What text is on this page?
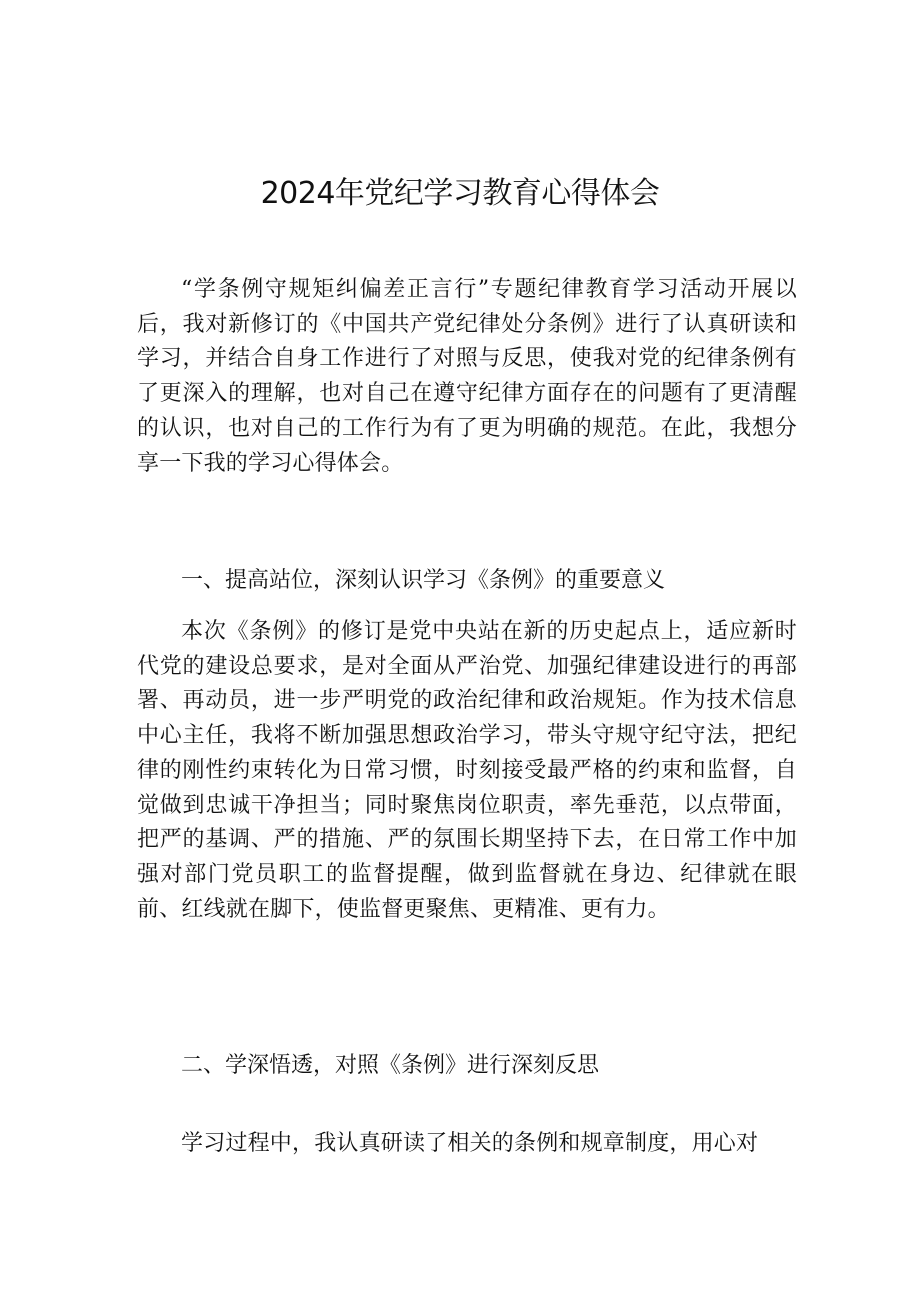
2024年党纪学习教育心得体会

“学条例守规矩纠偏差正言行”专题纪律教育学习活动开展以后，我对新修订的《中国共产党纪律处分条例》进行了认真研读和学习，并结合自身工作进行了对照与反思，使我对党的纪律条例有了更深入的理解，也对自己在遵守纪律方面存在的问题有了更清醒的认识，也对自己的工作行为有了更为明确的规范。在此，我想分享一下我的学习心得体会。

一、提高站位，深刻认识学习《条例》的重要意义

本次《条例》的修订是党中央站在新的历史起点上，适应新时代党的建设总要求，是对全面从严治党、加强纪律建设进行的再部署、再动员，进一步严明党的政治纪律和政治规矩。作为技术信息中心主任，我将不断加强思想政治学习，带头守规守纪守法，把纪律的刚性约束转化为日常习惯，时刻接受最严格的约束和监督，自觉做到忠诚干净担当；同时聚焦岗位职责，率先垂范，以点带面，把严的基调、严的措施、严的氛围长期坚持下去，在日常工作中加强对部门党员职工的监督提醒，做到监督就在身边、纪律就在眼前、红线就在脚下，使监督更聚焦、更精准、更有力。

二、学深悟透，对照《条例》进行深刻反思

学习过程中，我认真研读了相关的条例和规章制度，用心对
